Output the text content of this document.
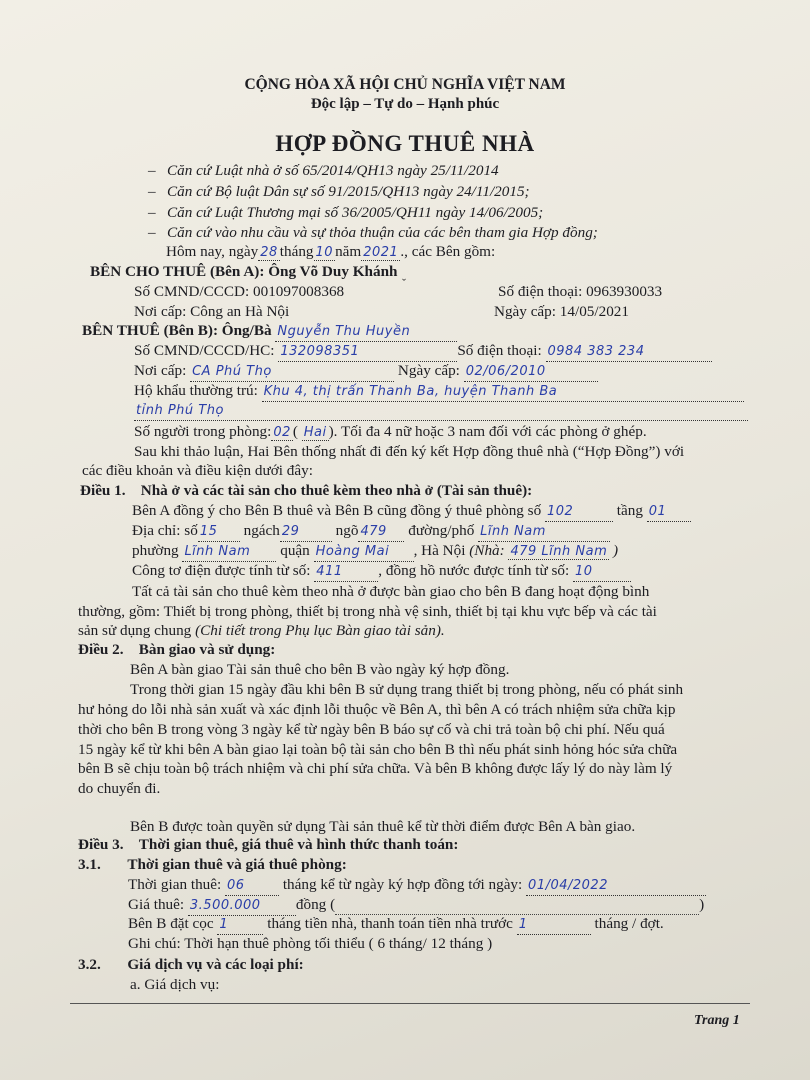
CỘNG HÒA XÃ HỘI CHỦ NGHĨA VIỆT NAM
Độc lập – Tự do – Hạnh phúc
HỢP ĐỒNG THUÊ NHÀ
–   Căn cứ Luật nhà ở số 65/2014/QH13 ngày 25/11/2014
–   Căn cứ Bộ luật Dân sự số 91/2015/QH13 ngày 24/11/2015;
–   Căn cứ Luật Thương mại số 36/2005/QH11 ngày 14/06/2005;
–   Căn cứ vào nhu cầu và sự thỏa thuận của các bên tham gia Hợp đồng;
Hôm nay, ngày 28 tháng 10 năm 2021 ., các Bên gồm:
BÊN CHO THUÊ (Bên A): Ông Võ Duy Khánh
Số CMND/CCCD: 001097008368	Số điện thoại: 0963930033
Nơi cấp: Công an Hà Nội	Ngày cấp: 14/05/2021
BÊN THUÊ (Bên B): Ông/Bà Nguyễn Thu Huyền
Số CMND/CCCD/HC: 132098351	Số điện thoại: 0984 383 234
Nơi cấp: CA Phú Thọ	Ngày cấp: 02/06/2010
Hộ khẩu thường trú: Khu 4, thị trấn Thanh Ba, huyện Thanh Ba
tỉnh Phú Thọ
Số người trong phòng: 02 ( Hai ). Tối đa 4 nữ hoặc 3 nam đối với các phòng ở ghép.
Sau khi thảo luận, Hai Bên thống nhất đi đến ký kết Hợp đồng thuê nhà (“Hợp Đồng”) với
các điều khoản và điều kiện dưới đây:
Điều 1. Nhà ở và các tài sản cho thuê kèm theo nhà ở (Tài sản thuê):
Bên A đồng ý cho Bên B thuê và Bên B cũng đồng ý thuê phòng số 102	tầng 01
Địa chỉ: số 15 ngách 29 ngõ 479 đường/phố Lĩnh Nam
phường Lĩnh Nam quận Hoàng Mai , Hà Nội (Nhà: 479 Lĩnh Nam )
Công tơ điện được tính từ số: 411 , đồng hồ nước được tính từ số: 10
Tất cả tài sản cho thuê kèm theo nhà ở được bàn giao cho bên B đang hoạt động bình
thường, gồm: Thiết bị trong phòng, thiết bị trong nhà vệ sinh, thiết bị tại khu vực bếp và các tài
sản sử dụng chung (Chi tiết trong Phụ lục Bàn giao tài sản).
Điều 2. Bàn giao và sử dụng:
Bên A bàn giao Tài sản thuê cho bên B vào ngày ký hợp đồng.
Trong thời gian 15 ngày đầu khi bên B sử dụng trang thiết bị trong phòng, nếu có phát sinh
hư hỏng do lỗi nhà sản xuất và xác định lỗi thuộc về Bên A, thì bên A có trách nhiệm sửa chữa kịp
thời cho bên B trong vòng 3 ngày kể từ ngày bên B báo sự cố và chi trả toàn bộ chi phí. Nếu quá
15 ngày kể từ khi bên A bàn giao lại toàn bộ tài sản cho bên B thì nếu phát sinh hỏng hóc sửa chữa
bên B sẽ chịu toàn bộ trách nhiệm và chi phí sửa chữa. Và bên B không được lấy lý do này làm lý
do chuyển đi.
Bên B được toàn quyền sử dụng Tài sản thuê kể từ thời điểm được Bên A bàn giao.
Điều 3. Thời gian thuê, giá thuê và hình thức thanh toán:
3.1. Thời gian thuê và giá thuê phòng:
Thời gian thuê: 06	tháng kể từ ngày ký hợp đồng tới ngày: 01/04/2022
Giá thuê: 3.500.000 đồng (	)
Bên B đặt cọc 1	tháng tiền nhà, thanh toán tiền nhà trước 1	tháng / đợt.
Ghi chú: Thời hạn thuê phòng tối thiểu ( 6 tháng/ 12 tháng )
3.2. Giá dịch vụ và các loại phí:
a. Giá dịch vụ:
Trang 1
ˇ
